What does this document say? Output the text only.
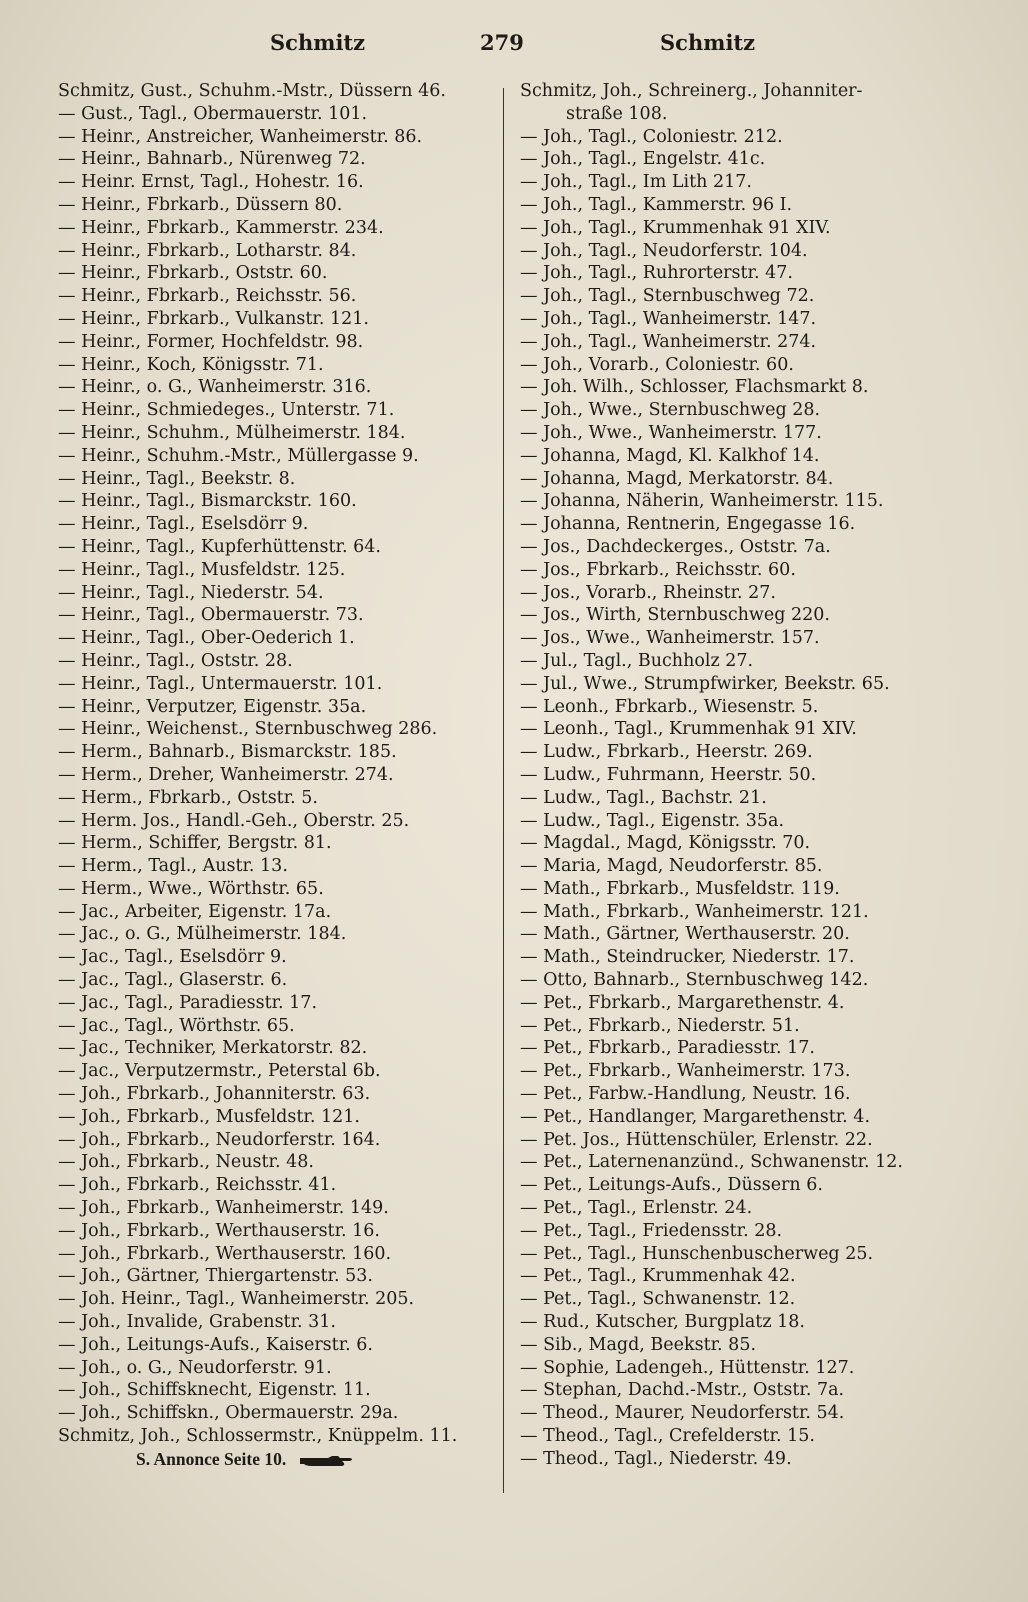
Schmitz	279	Schmitz
Schmitz, Gust., Schuhm.-Mstr., Düssern 46.
— Gust., Tagl., Obermauerstr. 101.
— Heinr., Anstreicher, Wanheimerstr. 86.
— Heinr., Bahnarb., Nürenweg 72.
— Heinr. Ernst, Tagl., Hohestr. 16.
— Heinr., Fbrkarb., Düssern 80.
— Heinr., Fbrkarb., Kammerstr. 234.
— Heinr., Fbrkarb., Lotharstr. 84.
— Heinr., Fbrkarb., Oststr. 60.
— Heinr., Fbrkarb., Reichsstr. 56.
— Heinr., Fbrkarb., Vulkanstr. 121.
— Heinr., Former, Hochfeldstr. 98.
— Heinr., Koch, Königsstr. 71.
— Heinr., o. G., Wanheimerstr. 316.
— Heinr., Schmiedeges., Unterstr. 71.
— Heinr., Schuhm., Mülheimerstr. 184.
— Heinr., Schuhm.-Mstr., Müllergasse 9.
— Heinr., Tagl., Beekstr. 8.
— Heinr., Tagl., Bismarckstr. 160.
— Heinr., Tagl., Eselsdörr 9.
— Heinr., Tagl., Kupferhüttenstr. 64.
— Heinr., Tagl., Musfeldstr. 125.
— Heinr., Tagl., Niederstr. 54.
— Heinr., Tagl., Obermauerstr. 73.
— Heinr., Tagl., Ober-Oederich 1.
— Heinr., Tagl., Oststr. 28.
— Heinr., Tagl., Untermauerstr. 101.
— Heinr., Verputzer, Eigenstr. 35a.
— Heinr., Weichenst., Sternbuschweg 286.
— Herm., Bahnarb., Bismarckstr. 185.
— Herm., Dreher, Wanheimerstr. 274.
— Herm., Fbrkarb., Oststr. 5.
— Herm. Jos., Handl.-Geh., Oberstr. 25.
— Herm., Schiffer, Bergstr. 81.
— Herm., Tagl., Austr. 13.
— Herm., Wwe., Wörthstr. 65.
— Jac., Arbeiter, Eigenstr. 17a.
— Jac., o. G., Mülheimerstr. 184.
— Jac., Tagl., Eselsdörr 9.
— Jac., Tagl., Glaserstr. 6.
— Jac., Tagl., Paradiesstr. 17.
— Jac., Tagl., Wörthstr. 65.
— Jac., Techniker, Merkatorstr. 82.
— Jac., Verputzermstr., Peterstal 6b.
— Joh., Fbrkarb., Johanniterstr. 63.
— Joh., Fbrkarb., Musfeldstr. 121.
— Joh., Fbrkarb., Neudorferstr. 164.
— Joh., Fbrkarb., Neustr. 48.
— Joh., Fbrkarb., Reichsstr. 41.
— Joh., Fbrkarb., Wanheimerstr. 149.
— Joh., Fbrkarb., Werthauserstr. 16.
— Joh., Fbrkarb., Werthauserstr. 160.
— Joh., Gärtner, Thiergartenstr. 53.
— Joh. Heinr., Tagl., Wanheimerstr. 205.
— Joh., Invalide, Grabenstr. 31.
— Joh., Leitungs-Aufs., Kaiserstr. 6.
— Joh., o. G., Neudorferstr. 91.
— Joh., Schiffsknecht, Eigenstr. 11.
— Joh., Schiffskn., Obermauerstr. 29a.
Schmitz, Joh., Schlossermstr., Knüppelm. 11.
S. Annonce Seite 10.
Schmitz, Joh., Schreinerg., Johanniter-
straße 108.
— Joh., Tagl., Coloniestr. 212.
— Joh., Tagl., Engelstr. 41c.
— Joh., Tagl., Im Lith 217.
— Joh., Tagl., Kammerstr. 96 I.
— Joh., Tagl., Krummenhak 91 XIV.
— Joh., Tagl., Neudorferstr. 104.
— Joh., Tagl., Ruhrorterstr. 47.
— Joh., Tagl., Sternbuschweg 72.
— Joh., Tagl., Wanheimerstr. 147.
— Joh., Tagl., Wanheimerstr. 274.
— Joh., Vorarb., Coloniestr. 60.
— Joh. Wilh., Schlosser, Flachsmarkt 8.
— Joh., Wwe., Sternbuschweg 28.
— Joh., Wwe., Wanheimerstr. 177.
— Johanna, Magd, Kl. Kalkhof 14.
— Johanna, Magd, Merkatorstr. 84.
— Johanna, Näherin, Wanheimerstr. 115.
— Johanna, Rentnerin, Engegasse 16.
— Jos., Dachdeckerges., Oststr. 7a.
— Jos., Fbrkarb., Reichsstr. 60.
— Jos., Vorarb., Rheinstr. 27.
— Jos., Wirth, Sternbuschweg 220.
— Jos., Wwe., Wanheimerstr. 157.
— Jul., Tagl., Buchholz 27.
— Jul., Wwe., Strumpfwirker, Beekstr. 65.
— Leonh., Fbrkarb., Wiesenstr. 5.
— Leonh., Tagl., Krummenhak 91 XIV.
— Ludw., Fbrkarb., Heerstr. 269.
— Ludw., Fuhrmann, Heerstr. 50.
— Ludw., Tagl., Bachstr. 21.
— Ludw., Tagl., Eigenstr. 35a.
— Magdal., Magd, Königsstr. 70.
— Maria, Magd, Neudorferstr. 85.
— Math., Fbrkarb., Musfeldstr. 119.
— Math., Fbrkarb., Wanheimerstr. 121.
— Math., Gärtner, Werthauserstr. 20.
— Math., Steindrucker, Niederstr. 17.
— Otto, Bahnarb., Sternbuschweg 142.
— Pet., Fbrkarb., Margarethenstr. 4.
— Pet., Fbrkarb., Niederstr. 51.
— Pet., Fbrkarb., Paradiesstr. 17.
— Pet., Fbrkarb., Wanheimerstr. 173.
— Pet., Farbw.-Handlung, Neustr. 16.
— Pet., Handlanger, Margarethenstr. 4.
— Pet. Jos., Hüttenschüler, Erlenstr. 22.
— Pet., Laternenanzünd., Schwanenstr. 12.
— Pet., Leitungs-Aufs., Düssern 6.
— Pet., Tagl., Erlenstr. 24.
— Pet., Tagl., Friedensstr. 28.
— Pet., Tagl., Hunschenbuscherweg 25.
— Pet., Tagl., Krummenhak 42.
— Pet., Tagl., Schwanenstr. 12.
— Rud., Kutscher, Burgplatz 18.
— Sib., Magd, Beekstr. 85.
— Sophie, Ladengeh., Hüttenstr. 127.
— Stephan, Dachd.-Mstr., Oststr. 7a.
— Theod., Maurer, Neudorferstr. 54.
— Theod., Tagl., Crefelderstr. 15.
— Theod., Tagl., Niederstr. 49.
